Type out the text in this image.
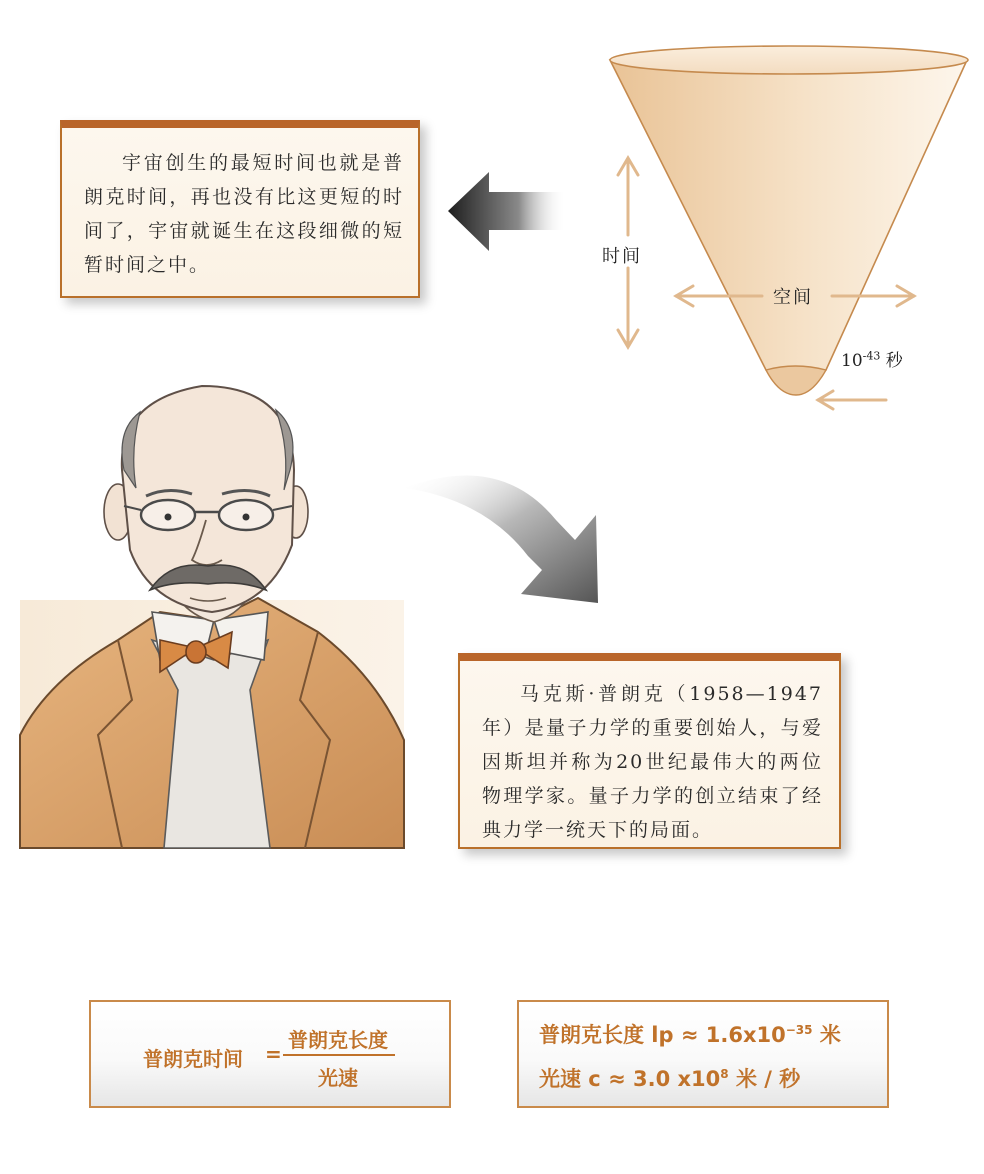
宇宙创生的最短时间也就是普朗克时间，再也没有比这更短的时间了，宇宙就诞生在这段细微的短暂时间之中。	时间
空间
$10^{-43}$ 秒

马克斯·普朗克（1958—1947年）是量子力学的重要创始人，与爱因斯坦并称为20世纪最伟大的两位物理学家。量子力学的创立结束了经典力学一统天下的局面。

普朗克时间 =
普朗克长度
光速
普朗克长度 lp ≈ $1.6x10^{-35}$ 米
光速 c ≈ 3.0 $x10^8$ 米 / 秒
